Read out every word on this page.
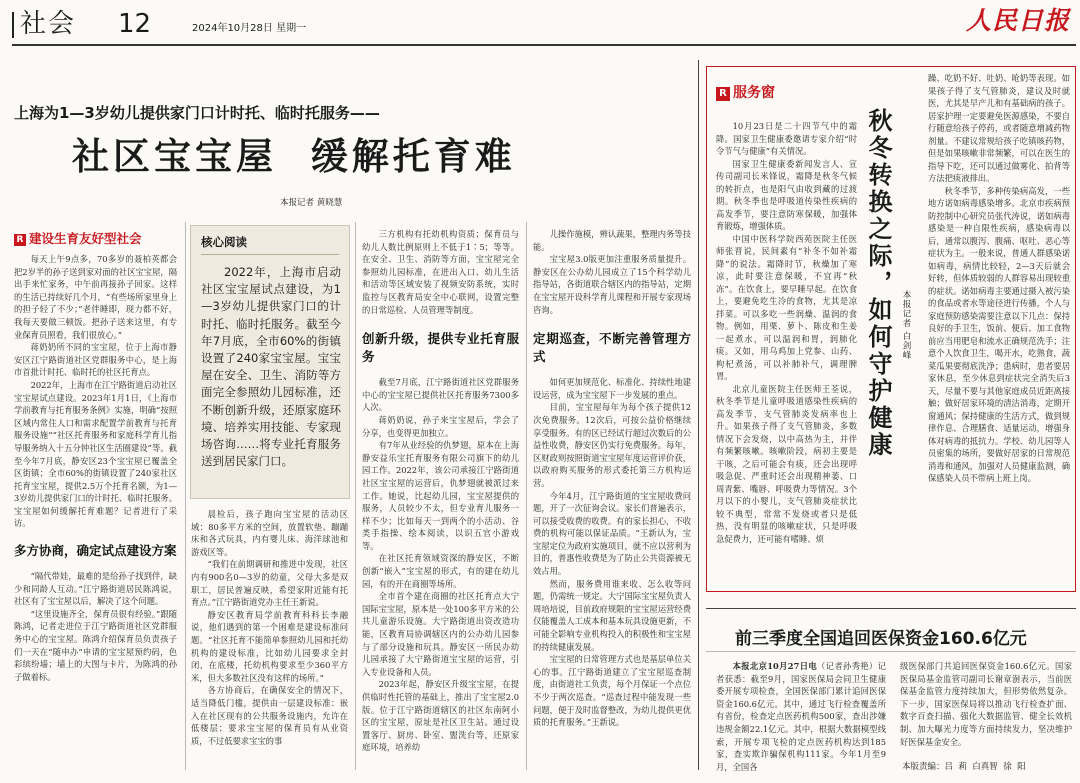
社会 12	2024年10月28日 星期一	人民日报
上海为1—3岁幼儿提供家门口计时托、临时托服务——
社区宝宝屋  缓解托育难
本报记者 黄晓慧
R 建设生育友好型社会

每天上午9点多，70多岁的聂柏英都会把2岁半的孙子送到家对面的社区宝宝屋，隔出手来忙家务，中午前再接孙子回家。这样的生活已持续好几个月，“有些场所家里身上的担子轻了不少；”老伴睡即，现力都不好，我每天要做三顿饭。把孙子送来这里，有专业保育员照看，我们很放心。”

蒋奶奶所不同的宝宝屋，位于上海市静安区江宁路街道社区党群服务中心，是上海市首批计时托、临时托的社区托育点。

2022年，上海市在江宁路街道启动社区宝宝屋试点建设。2023年1月1日，《上海市学前教育与托育服务条例》实施，明确“按照区域内常住人口和需求配置学前教育与托育服务设施”“社区托育服务和家庭科学育儿指导服务纳入十五分钟社区生活圈建设”等。截至今年7月底，静安区23个宝宝屋已覆盖全区街镇；全市60%的街镇设置了240家社区托育宝宝屋，提供2.5万个托育名额，为1—3岁幼儿提供家门口的计时托、临时托服务。宝宝屋如何缓解托育难题？记者进行了采访。

多方协商，确定试点建设方案

“隔代带娃，最难的是给孙子找到伴，缺少和同龄人互动。”江宁路街道居民陈鸿说，社区有了宝宝屋以后，解决了这个问题。

“这里设施齐全，保育员很有经验。”跟随陈鸿，记者走进位于江宁路街道社区党群服务中心的宝宝屋。陈鸿介绍保育员负责孩子们一天在“随申办”申请的宝宝屋预约码，色彩缤纷墙；墙上的大图与卡片，为陈鸿的孙子做着标。

核心阅读
2022年，上海市启动社区宝宝屋试点建设，为1—3岁幼儿提供家门口的计时托、临时托服务。截至今年7月底，全市60%的街镇设置了240家宝宝屋。宝宝屋在安全、卫生、消防等方面完全参照幼儿园标准，还不断创新升级，还原家庭环境、培养实用技能、专家现场咨询……将专业托育服务送到居民家门口。

晨检后，孩子跑向宝宝屋的活动区域：80多平方米的空间，放置软垫、蹦蹦床和各式玩具，内有婴儿床、海洋球池和游戏区等。

“我们在前期调研和推进中发现，社区内有900名0—3岁的幼童，父母大多是双职工，居民普遍反映，希望家附近能有托育点。”江宁路街道党办主任王新说。

静安区教育局学前教育科科长李融说，他们遇到的第一个困难是建设标准问题。“社区托育不能简单参照幼儿园和托幼机构的建设标准，比如幼儿园要求全封闭，在底楼，托幼机构要求至少360平方米，但大多数社区没有这样的场所。”

各方协商后，在确保安全的情况下，适当降低门槛，提供由一层建设标准：嵌入在社区现有的公共服务设施内，允许在低楼层；要求宝宝屋的保育员有从业资质，不过低要求宝宝的事

三方机构有托幼机构资质；保育员与幼儿人数比例原则上不低于1∶5；等等。在安全、卫生、消防等方面，宝宝屋完全参照幼儿园标准，在进出入口、幼儿生活和活动等区域安装了视频安防系统，实时监控与区教育局安全中心联网，设置完整的日常巡检、人员管理等制度。

创新升级，提供专业托育服务

截至7月底，江宁路街道社区党群服务中心的宝宝屋已提供社区托育服务7300多人次。

蒋奶奶说，孙子来宝宝屋后，学会了分享，也变得更加独立。

有7年从业经验的仇梦翅，原本在上海静安益乐宝托育服务有限公司旗下的幼儿园工作。2022年，该公司承接江宁路街道社区宝宝屋的运营后，仇梦翅就被派过来工作。她说，比起幼儿园，宝宝屋提供的服务，人员较少不太，但专业育儿服务一样不少；比如每天一到两个的小活动、谷类手指操、绘本阅读，以识五官小游戏等。

在社区托育领域资深的静安区，不断创新“嵌入”宝宝屋的形式，有的建在幼儿园，有的开在商圈等场所。

全市首个建在商圈的社区托育点大宁国际宝宝屋，原本是一处100多平方米的公共儿童游乐设施。大宁路街道出资改造功能，区教育局协调辖区内的公办幼儿园参与了部分设施和玩具。静安区一所民办幼儿园承接了大宁路街道宝宝屋的运营，引入专业设备和人员。

2023年起，静安区升级宝宝屋，在提供临时性托管的基础上，推出了宝宝屋2.0版。位于江宁路街道辖区的社区东南阿小区的宝宝屋，原址是社区卫生站。通过设置客厅、厨房、卧室、盥洗台等，还原家庭环境，培养幼

儿操作施模，辨认蔬果，整理内务等技能。

宝宝屋3.0版更加注重服务质量提升。静安区在公办幼儿园成立了15个科学幼儿指导站，各街道联合辖区内的指导站，定期在宝宝屋开设科学育儿课程和开展专家现场咨询。

定期巡查，不断完善管理方式

如何更加规范化、标准化、持续性地建设运营，成为宝宝屋下一步发展的重点。

目前，宝宝屋每年为每个孩子提供12次免费服务。12次后，可按公益价格继续享受服务。有的区已经试行超过次数后的公益性收费，静安区仍实行免费服务。每年，区财政则按照街道宝宝屋年度运营评价获，以政府购买服务的形式委托第三方机构运营。

今年4月，江宁路街道的宝宝屋收费问题，开了一次征询会议。家长们普遍表示，可以接受收费的收费。有的家长担心，不收费的机构可能以保证品质。“王新认为，宝宝屋定位为政府实施项目，就不应以营利为目的，普惠性收费是为了防止公共资源被无效占用。

然而，服务费用谁来收、怎么收等问题，仍需统一规定。大宁国际宝宝屋负责人周培培说，目前政府规限的宝宝屋运营经费仅能覆盖人工成本和基本玩具设施更新，不可能全影响专业机构投入的积极性和宝宝屋的持续健康发展。

宝宝屋的日常管理方式也是基层单位关心的事。江宁路街道建立了宝宝屋巡查制度，由街道社工负责，每个月保证一个点位不少于两次巡查。“巡查过程中能发现一些问题，便于及时监督整改，为幼儿提供更优质的托育服务。”王新说。

R 服务窗

10月23日是二十四节气中的霜降。国家卫生健康委邀请专家介绍“时令节气与健康”有关情况。

国家卫生健康委新闻发言人、宣传司副司长米锋说，霜降是秋冬气候的转折点，也是阳气由收到藏的过渡期。秋冬季也是呼吸道传染性疾病的高发季节，要注意防寒保暖，加强体育锻炼，增强体质。

中国中医科学院西苑医院主任医师张晋说，民间素有“补冬不如补霜降”的说法。霜降时节，秋燥加了寒凉，此时要注意保暖，不宜再“秋冻”。在饮食上，要早睡早起。在饮食上，要避免吃生冷的食物，尤其是凉拌菜。可以多吃一些润燥、温润的食物。例如，用栗、萝卜、陈皮和生姜一起煮水，可以温润和胃，润肺化痰。又如，用乌鸡加上党参、山药、枸杞煮汤，可以补肺补气，调理脾胃。

北京儿童医院主任医师王荃说，秋冬季节是儿童呼吸道感染性疾病的高发季节，支气管肺炎发病率也上升。如果孩子得了支气管肺炎，多数情况下会发烧，以中高热为主，并伴有频繁咳嗽。咳嗽阶段，病初主要是干咳，之后可能会有痰，还会出现呼吸急促、严重时还会出现精神萎、口周青紫、嘴唇、呼吸费力等情况。3个月以下的小婴儿，支气管肺炎症状比较不典型，常常不发烧或者只是低热，没有明显的咳嗽症状，只是呼吸急促费力，还可能有嗜睡、烦

秋冬转换之际，如何守护健康 本报记者 白剑峰

躁、吃奶不好、吐奶、呛奶等表现。如果孩子得了支气管肺炎，建议及时就医，尤其是早产儿和有基础病的孩子。居家护理一定要避免医源感染，不要自行随意给孩子停药，或者随意增减药物剂量。不建议常规给孩子吃镇咳药物，但是如果咳嗽非常频繁，可以在医生的指导下吃，还可以通过做雾化、拍背等方法把痰液排出。

秋冬季节，多种传染病高发，一些地方诺如病毒感染增多。北京市疾病预防控制中心研究员张代涛说，诺如病毒感染是一种自限性疾病，感染病毒以后，通常以腹泻、腹痛、呕吐、恶心等症状为主。一般来说，普通人群感染诺如病毒，病情比较轻，2—3天后就会好转，但体质较弱的人群容易出现较重的症状。诺如病毒主要通过摄入被污染的食品或者水等途径进行传播，个人与家庭预防感染需要注意以下几点：保持良好的手卫生，饭前、便后、加工食物前应当用肥皂和流水正确规范洗手；注意个人饮食卫生，喝开水，吃熟食，蔬菜瓜果要彻底洗净；患病时，患者要居家休息，至少休息到症状完全消失后3天，尽量不要与其他家庭成员近距离接触；做好居家环境的清洁消毒，定期开窗通风；保持健康的生活方式，做到规律作息、合理膳食、适量运动，增强身体对病毒的抵抗力。学校、幼儿园等人员密集的场所，要做好居家的日常规范消毒和通风，加强对人员健康监测，确保感染人员不带病上班上岗。

前三季度全国追回医保资金160.6亿元

本报北京10月27日电（记者孙秀艳）记者获悉：截至9月，国家医保局会同卫生健康委开展专项检查，全国医保部门累计追回医保资金160.6亿元。其中，通过飞行检查覆盖所有省份，检查定点医药机构500家，查出涉嫌违规金额22.1亿元。其中，根据大数据模型线索，开展专项飞检的定点医药机构达到185家，查实欺诈骗保机构111家。今年1月至9月，全国各

级医保部门共追回医保资金160.6亿元。国家医保局基金监管司副司长谢章澍表示，当前医保基金监管力度持续加大，但形势依然复杂。下一步，国家医保局将以推动飞行检查扩面、数字百查扫描、强化大数据监管、健全长效机制、加大曝光力度等方面持续发力，坚决维护好医保基金安全。

本版责编：吕  莉  白真智  徐  阳
